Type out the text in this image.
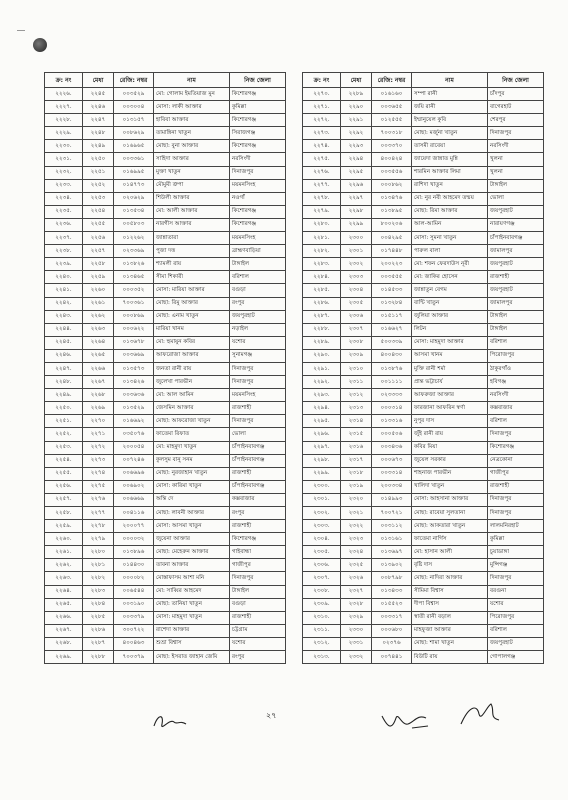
ক্র: নং	মেধা	রেজি: নম্বর	নাম	নিজ জেলা
২২২৬.	২২৪৫	০০৩৫২৯	মো: গোলাম ইমতিয়াজ মুন	কিশোরগঞ্জ
২২২৭.	২২৪৬	০০৩০০৪	মোসা: লাকী আক্তার	কুমিল্লা
২২২৮.	২২৪৭	০১৩১৫৭	হাবিবা আক্তার	কিশোরগঞ্জ
২২২৯.	২২৪৮	০০৮৬২৯	তামান্নিনা খাতুন	সিরাজগঞ্জ
২২৩০.	২২৪৯	০১৬৯৬৫	মোছা: বুনা আক্তার	কিশোরগঞ্জ
২২৩১.	২২৫০	০০৩৩৬১	সাহিদা আক্তার	নরসিংদী
২২৩২.	২২৫১	০১৬৯৯৫	মুক্তা খাতুন	দিনাজপুর
২২৩৩.	২২৫২	০১৪৭৭৩	মৌমুমী ত্রুপা	ময়মনসিংহ
২২৩৪.	২২৫৩	০২০৬২৯	শিউলী আক্তার	নওগাঁ
২২৩৫.	২২৫৪	০১৩৫৩৪	মো: আলী আক্তার	কিশোরগঞ্জ
২২৩৬.	২২৫৫	০০৫৮০৩	নারগীস আক্তার	কিশোরগঞ্জ
২২৩৭.	২২৫৬	০১২২৬২	জান্নাতারা	ময়মনসিংহ
২২৩৮.	২২৫৭	০২৩৩৬৯	পুজা দত্ত	ব্রাহ্মণবাড়িয়া
২২৩৯.	২২৫৮	০১৩৮২৬	শ্যামলী রায়	টাঙ্গাইল
২২৪০.	২২৫৯	০১৩৪৬৫	সীমা শিকারী	বরিশাল
২২৪১.	২২৬০	০০০৩৫২	মোসা: মারিয়া আক্তার	বগুড়া
২২৪২.	২২৬১	৭০০৩৬১	মোছা: রিমু আক্তার	রংপুর
২২৪৩.	২২৬২	০০০৮৬৯	মোছা: এনাম খাতুন	জয়পুরহাট
২২৪৪.	২২৬৩	০০০৬২২	মারিয়া খানম	নড়াইল
২২৪৫.	২২৬৪	০১৩৬৭৮	মো: হুমায়ুন কবির	যশোর
২২৪৬.	২২৬৫	০০৩৬৬৯	আফরোজা আক্তার	সুনামগঞ্জ
২২৪৭.	২২৬৬	০১৩৫৭৩	জনতা রানী রায়	দিনাজপুর
২২৪৮.	২২৬৭	০১৩৪২৬	জুলেখা পারভীন	দিনাজপুর
২২৪৯.	২২৬৮	০০৩৬৩৬	মো: আল আমিন	ময়মনসিংহ
২২৫০.	২২৬৯	০১৩৫২৯	জেসমিন আক্তার	রাজশাহী
২২৫১.	২২৭০	০১৬৬৯২	মোছা: আফরোজা খাতুন	দিনাজপুর
২২৫২.	২২৭১	০৩৫০৭৬	ফাতেমা রিফাত	ভোলা
২২৫৩.	২২৭২	২০০০৫৪	মো: মাহমুদা খাতুন	চাঁপাইনবাবগঞ্জ
২২৫৪.	২২৭৩	০০৭২৪৬	কুলসুম বানু সনম	চাঁপাইনবাবগঞ্জ
২২৫৫.	২২৭৪	০০৬৬৯৬	মোছা: নুরজাহান খাতুন	রাজশাহী
২২৫৬.	২২৭৫	০০৬৯০২	মোসা: কারিমা খাতুন	চাঁপাইনবাবগঞ্জ
২২৫৭.	২২৭৬	০০৬৬৬৯	অন্তি দে	কক্সবাজার
২২৫৮.	২২৭৭	০০৪১১৬	মোছা: লাবনী আক্তার	রংপুর
২২৫৯.	২২৭৮	২০০০৭৭	মোসা: আসমা খাতুন	রাজশাহী
২২৬০.	২২৭৯	০০০০৩২	জুয়েনা আক্তার	কিশোরগঞ্জ
২২৬১.	২২৮০	০১৩৮৯৬	মোছা: মেহেরুন আক্তার	গাইবান্ধা
২২৬২.	২২৮১	০১৪৪৩০	তাবনা আক্তার	গাজীপুর
২২৬৩.	২২৮২	০০০০৮২	মোস্তাফাসম আশা মনি	দিনাজপুর
২২৬৪.	২২৮৩	০০৬৫৪৪	মো: সাব্বির আহমেদ	টাঙ্গাইল
২২৬৫.	২২৮৪	০০৩১৯০	মোছা: তানিয়া খাতুন	বগুড়া
২২৬৬.	২২৮৫	০০৩৩৭৯	মোসা: মাহমুদা খাতুন	রাজশাহী
২২৬৭.	২২৮৬	৩০০৭২২	রাশেদা আক্তার	চট্টগ্রাম
২২৬৮.	২২৮৭	৪০০৪৬৩	শুভ্রা বিশ্বাস	যশোর
২২৬৯.	২২৮৮	৭০০৩৭৯	মোছা: ইসরাত জাহান জেমি	রংপুর
ক্র: নং	মেধা	রেজি: নম্বর	নাম	নিজ জেলা
২২৭০.	২২৮৯	০১৬১৬০	সম্পা রানী	চাঁদপুর
২২৭১.	২২৯০	০০৩৬৫৫	জয়ি রানী	বাগেরহাট
২২৭২.	২২৯১	০১২৫৫৫	ইম্মানুয়েল কুবি	শেরপুর
২২৭৩.	২২৯২	৭০০৩১৮	মোছা: মর্জুনা খাতুন	দিনাজপুর
২২৭৪.	২২৯৩	০০৩৩৭০	তাসমী রাবেয়া	নরসিংদী
২২৭৫.	২২৯৪	৪০০৪২৪	জায়েদা জান্নাত মুন্নি	খুলনা
২২৭৬.	২২৯৫	০০৩৫৫৬	শারমিন আক্তার লিমা	খুলনা
২২৭৭.	২২৯৬	০০০৮৬২	রাশিদা খাতুন	টাঙ্গাইল
২২৭৮.	২২৯৭	০১৩৪৭৬	মো: নুর নবী আহমেদ তন্ময়	ভোলা
২২৭৯.	২২৯৮	০১৩৮৯৫	মোছা: রিমা আক্তার	জয়পুরহাট
২২৮০.	২২৯৯	৮০০২০৬	আল-আমিন	নারায়ণগঞ্জ
২২৮১.	২৩০০	০০৪২৯৫	মোসা: সুমনা খাতুন	চাঁপাইনবাবগঞ্জ
২২৮২.	২৩০১	০১৭৪৪৮	পারুল বালা	জামালপুর
২২৮৩.	২৩০২	২০০২২৩	মো: শফন ফেরদাউস নূরী	জয়পুরহাট
২২৮৪.	২৩০৩	০০৩৫৫৫	মো: জাকির হোসেন	রাজশাহী
২২৮৫.	২৩০৪	০১৪৫৩৩	জান্নাতুন বেগম	জয়পুরহাট
২২৮৬.	২৩০৫	০১৩২৮৪	বান্টি খাতুন	জামালপুর
২২৮৭.	২৩০৬	০১৫১১৭	জুলিয়া আক্তার	টাঙ্গাইল
২২৮৮.	২৩০৭	০১৬৬২৭	লিটন	টাঙ্গাইল
২২৮৯.	২৩০৮	৫০০৩৩৯	মোসা: মাহমুদা আক্তার	বরিশাল
২২৯০.	২৩০৯	৪০০৪৩০	আসমা খানম	পিরোজপুর
২২৯১.	২৩১০	০১৩৮৭৬	মুক্তি রানী শর্মা	ঠাকুরগাঁও
২২৯২.	২৩১১	০০১১১১	প্রান্ত ভট্টাচার্য	হবিগঞ্জ
২২৯৩.	২৩১২	০২৩৩৩৩	আফরুজা আক্তার	নরসিংদী
২২৯৪.	২৩১৩	০০০৩১৪	ফারজানা আফরিন স্বর্ণা	কক্সবাজার
২২৯৫.	২৩১৪	০১৩৩১৬	নুপুর দাস	বরিশাল
২২৯৬.	২৩১৫	০০০৫০৬	জুঁই রানী রায়	দিনাজপুর
২২৯৭.	২৩১৬	০০৩৪৩৬	কবির মিয়া	কিশোরগঞ্জ
২২৯৮.	২৩১৭	০০০৬৭৩	জুয়েল সরকার	নেত্রকোনা
২২৯৯.	২৩১৮	০০৩৩১৪	শাহনাজ পারভীন	গাজীপুর
২৩০০.	২৩১৯	২০০৩৩৪	খালিদা খাতুন	রাজশাহী
২৩০১.	২৩২০	০১৪৯৯৩	মোসা: আহসানা আক্তার	দিনাজপুর
২৩০২.	২৩২১	৭০০৭২১	মোছা: রাবেয়া সুলতানা	দিনাজপুর
২৩০৩.	২৩২২	০০৩১১২	মোছা: আকতারা খাতুন	লালমনিরহাট
২৩০৪.	২৩২৩	০১৩১৬১	ফাতেমা নার্গিস	কুমিল্লা
২৩০৫.	২৩২৪	০১৩৬৯৭	মো: হাসান আলী	চুয়াডাঙ্গা
২৩০৬.	২৩২৫	০১৩৯০২	বৃষ্টি দাস	মুন্সিগঞ্জ
২৩০৭.	২৩২৬	০০৮৭৯৮	মোছা: নাদিরা আক্তার	দিনাজপুর
২৩০৮.	২৩২৭	০১৩৪৩৩	সীমিমা বিশ্বাস	বরগুনা
২৩০৯.	২৩২৮	০১৫৫২৩	দীপা বিশ্বাস	যশোর
২৩১০.	২৩২৯	০০৩৩১৭	স্বাতী রানী বড়াল	পিরোজপুর
২৩১১.	২৩৩০	০০০৬৮০	মাহফুজা আক্তার	বরিশাল
২৩১২.	২৩৩১	০২৩৭৬	মোছা: শামা খাতুন	জয়পুরহাট
২৩১৩.	২৩৩২	০০৭৪৪১	বিউটি রায়	গোপালগঞ্জ
২৭
